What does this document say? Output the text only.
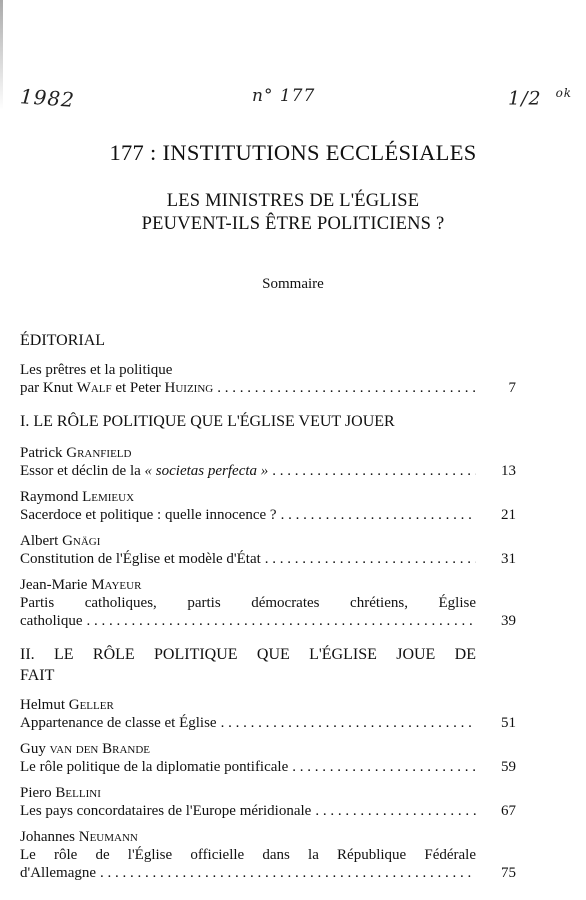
1982	n° 177	1/2 $^{ok}$
177 : INSTITUTIONS ECCLÉSIALES
LES MINISTRES DE L'ÉGLISE
PEUVENT-ILS ÊTRE POLITICIENS ?
Sommaire
ÉDITORIAL
Les prêtres et la politique
par Knut Walf et Peter Huizing . . .	7
I. LE RÔLE POLITIQUE QUE L'ÉGLISE VEUT JOUER
Patrick Granfield
Essor et déclin de la « societas perfecta » . . .	13
Raymond Lemieux
Sacerdoce et politique : quelle innocence ? . . .	21
Albert Gnägi
Constitution de l'Église et modèle d'État . . .	31
Jean-Marie Mayeur
Partis catholiques, partis démocrates chrétiens, Église
catholique . . .	39
II. LE RÔLE POLITIQUE QUE L'ÉGLISE JOUE DE
FAIT
Helmut Geller
Appartenance de classe et Église . . .	51
Guy van den Brande
Le rôle politique de la diplomatie pontificale . . .	59
Piero Bellini
Les pays concordataires de l'Europe méridionale . . .	67
Johannes Neumann
Le rôle de l'Église officielle dans la République Fédérale
d'Allemagne . . .	75
